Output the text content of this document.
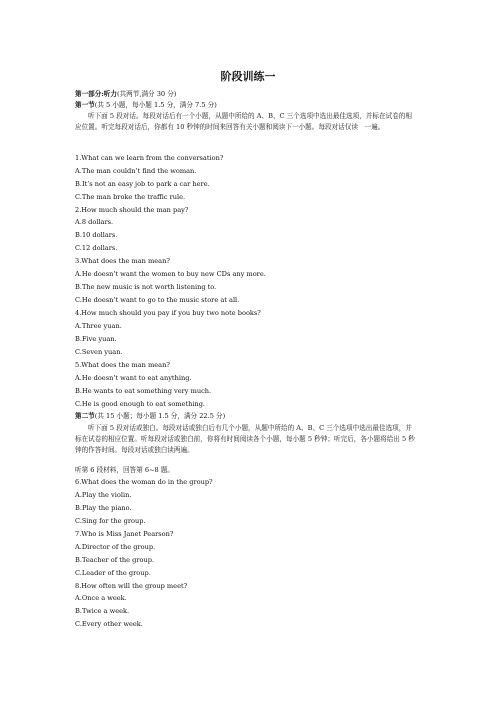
阶段训练一
第一部分:听力(共两节,满分 30 分)
第一节(共 5 小题，每小题 1.5 分，满分 7.5 分)
听下面 5 段对话。每段对话后有一个小题，从题中所给的 A、B、C 三个选项中选出最佳选项，并标在试卷的相应位置。听完每段对话后，你都有 10 秒钟的时间来回答有关小题和阅读下一小题。每段对话仅读　一遍。
1.What can we learn from the conversation?
A.The man couldn’t find the woman.
B.It’s not an easy job to park a car here.
C.The man broke the traffic rule.
2.How much should the man pay?
A.8 dollars.
B.10 dollars.
C.12 dollars.
3.What does the man mean?
A.He doesn’t want the women to buy new CDs any more.
B.The new music is not worth listening to.
C.He doesn’t want to go to the music store at all.
4.How much should you pay if you buy two note books?
A.Three yuan.
B.Five yuan.
C.Seven yuan.
5.What does the man mean?
A.He doesn’t want to eat anything.
B.He wants to eat something very much.
C.He is good enough to eat something.
第二节(共 15 小题；每小题 1.5 分，满分 22.5 分)
听下面 5 段对话或独白。每段对话或独白后有几个小题，从题中所给的 A、B、C 三个选项中选出最佳选项，并标在试卷的相应位置。听每段对话或独白前，你将有时间阅读各个小题，每小题 5 秒钟；听完后，各小题将给出 5 秒钟的作答时间。每段对话或独白读两遍。
听第 6 段材料，回答第 6~8 题。
6.What does the woman do in the group?
A.Play the violin.
B.Play the piano.
C.Sing for the group.
7.Who is Miss Janet Pearson?
A.Director of the group.
B.Teacher of the group.
C.Leader of the group.
8.How often will the group meet?
A.Once a week.
B.Twice a week.
C.Every other week.
